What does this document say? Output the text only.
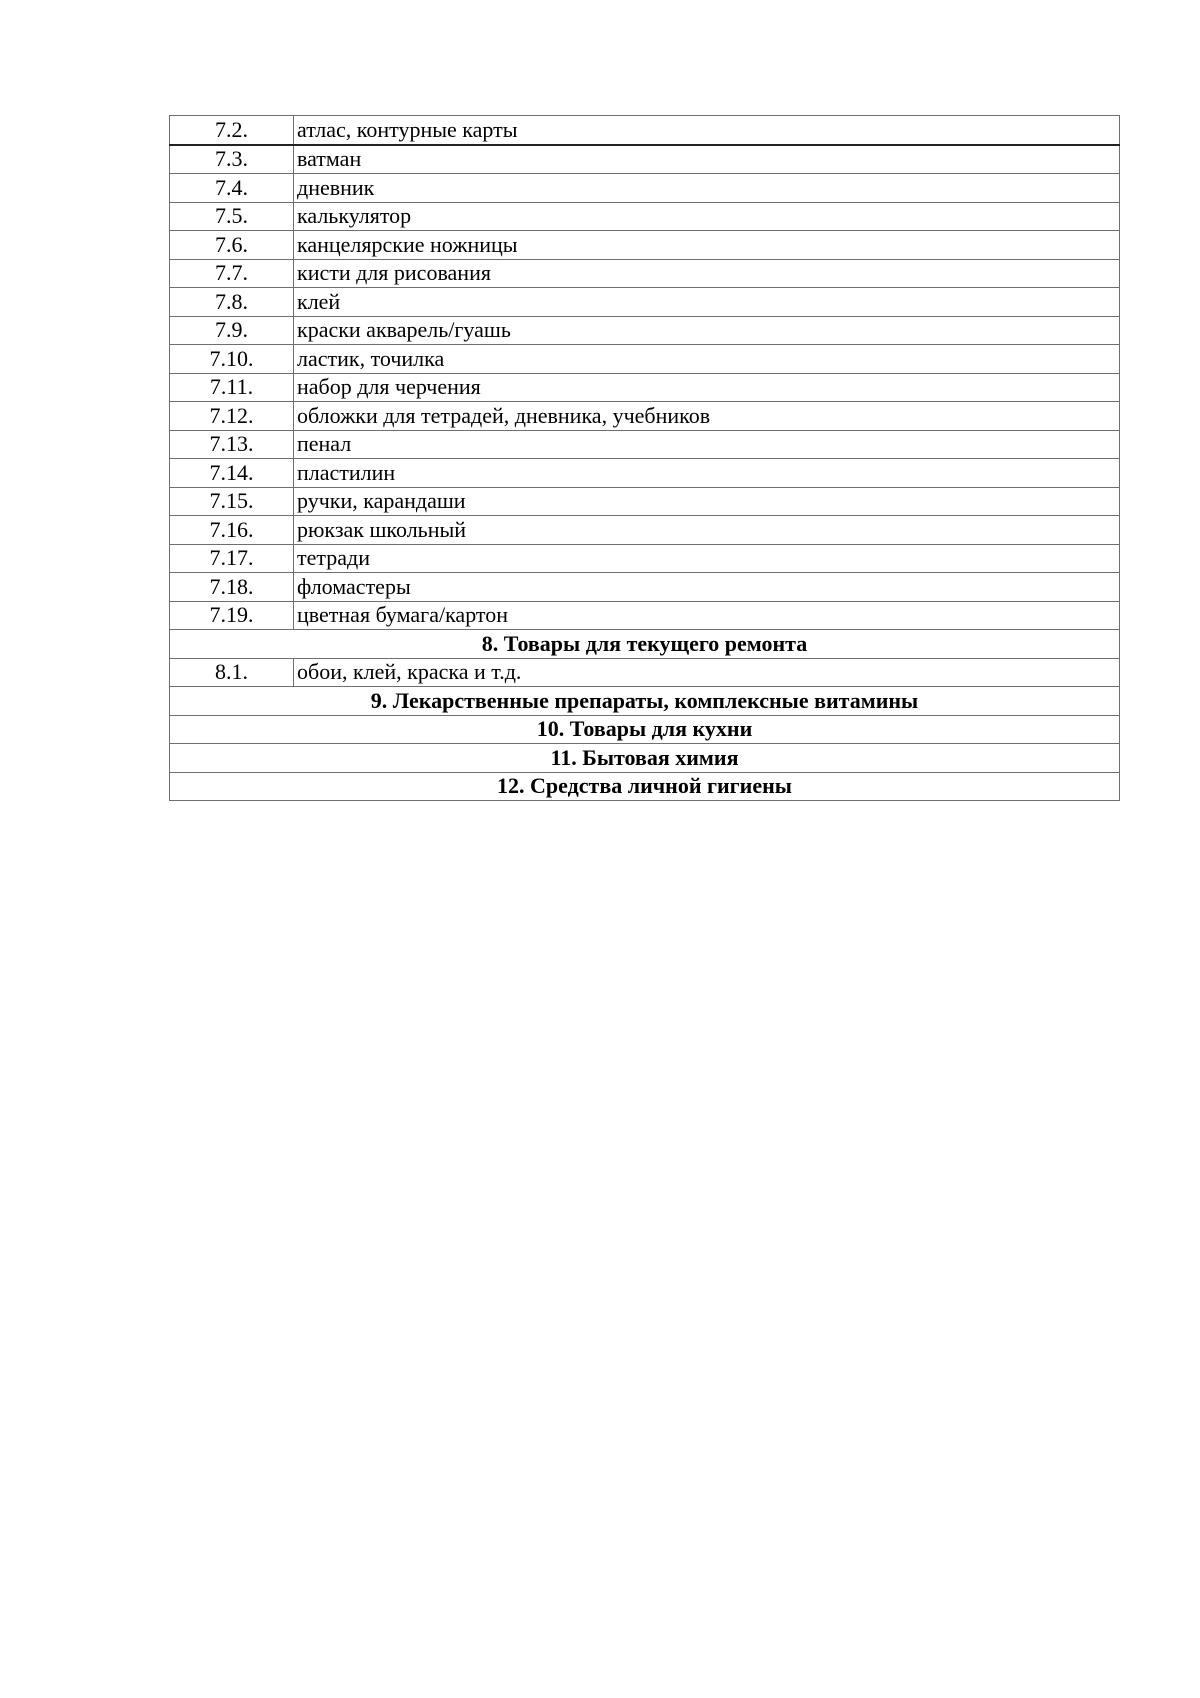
7.2.	атлас, контурные карты
7.3.	ватман
7.4.	дневник
7.5.	калькулятор
7.6.	канцелярские ножницы
7.7.	кисти для рисования
7.8.	клей
7.9.	краски акварель/гуашь
7.10.	ластик, точилка
7.11.	набор для черчения
7.12.	обложки для тетрадей, дневника, учебников
7.13.	пенал
7.14.	пластилин
7.15.	ручки, карандаши
7.16.	рюкзак школьный
7.17.	тетради
7.18.	фломастеры
7.19.	цветная бумага/картон
8. Товары для текущего ремонта	
8.1.	обои, клей, краска и т.д.
9. Лекарственные препараты, комплексные витамины	
10. Товары для кухни	
11. Бытовая химия	
12. Средства личной гигиены	
